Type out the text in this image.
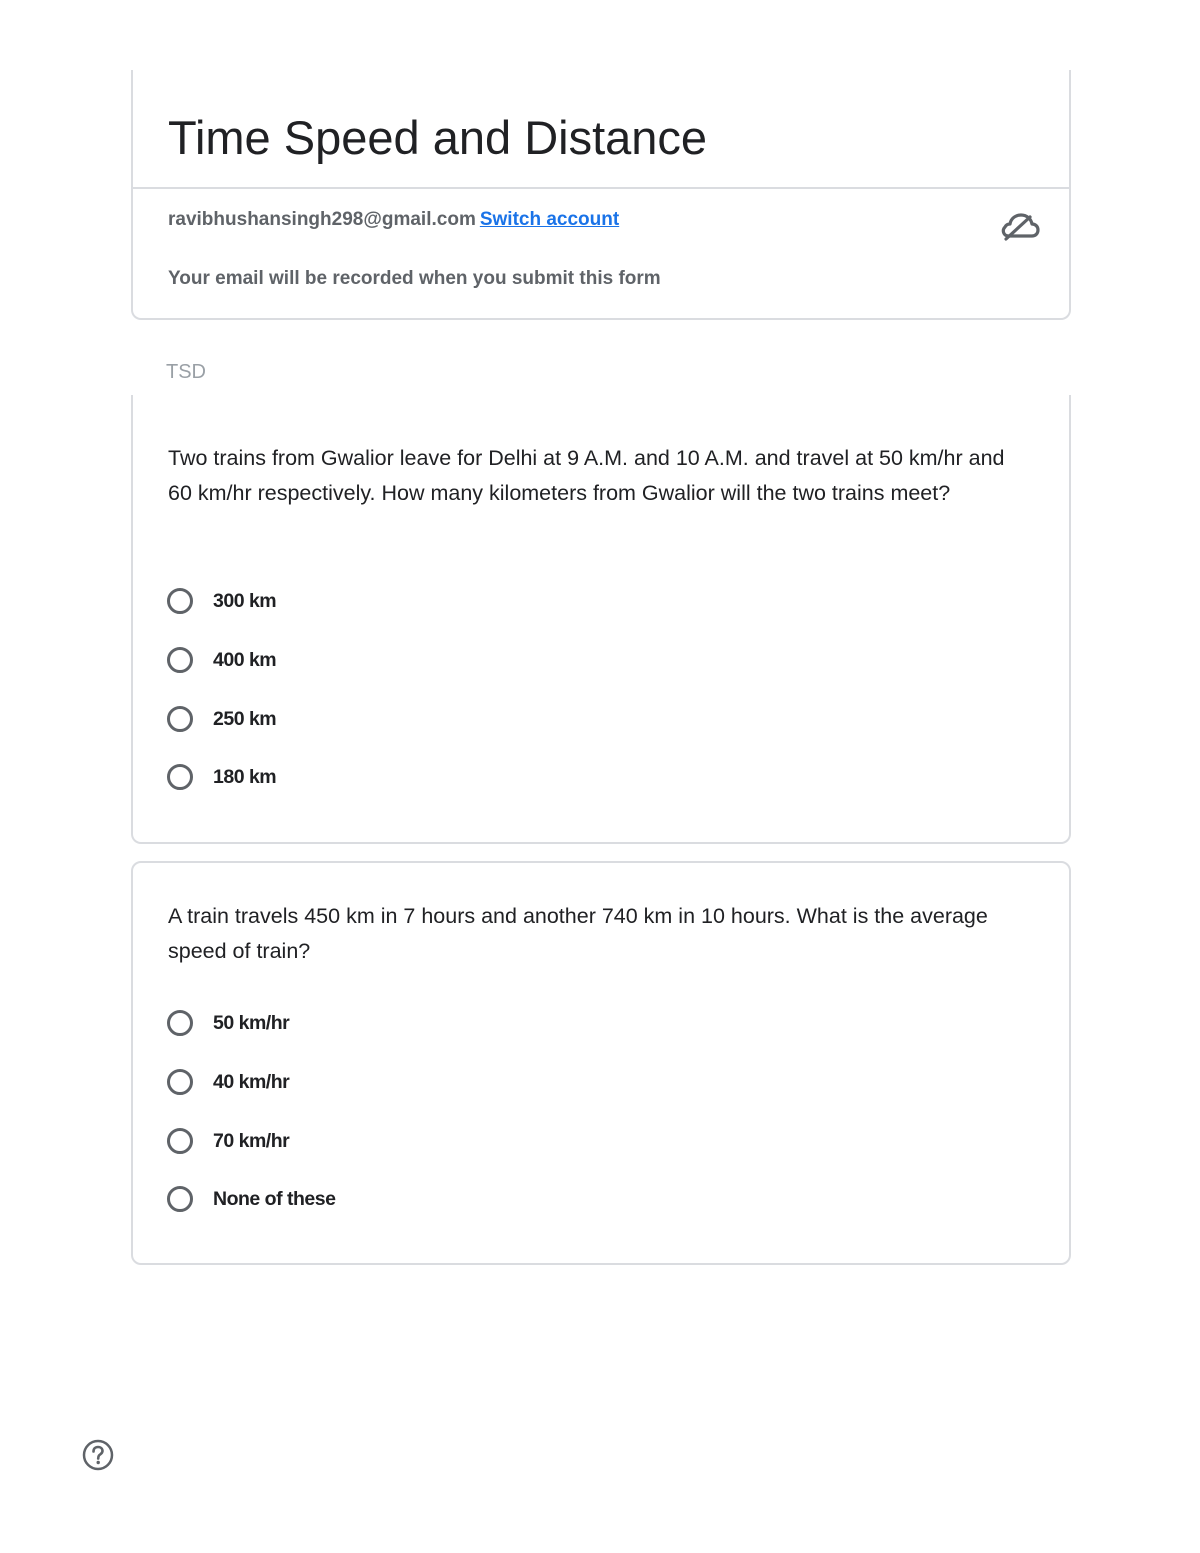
Time Speed and Distance
ravibhushansingh298@gmail.com Switch account
Your email will be recorded when you submit this form
TSD
Two trains from Gwalior leave for Delhi at 9 A.M. and 10 A.M. and travel at 50 km/hr and 60 km/hr respectively. How many kilometers from Gwalior will the two trains meet?
300 km
400 km
250 km
180 km
A train travels 450 km in 7 hours and another 740 km in 10 hours. What is the average speed of train?
50 km/hr
40 km/hr
70 km/hr
None of these
